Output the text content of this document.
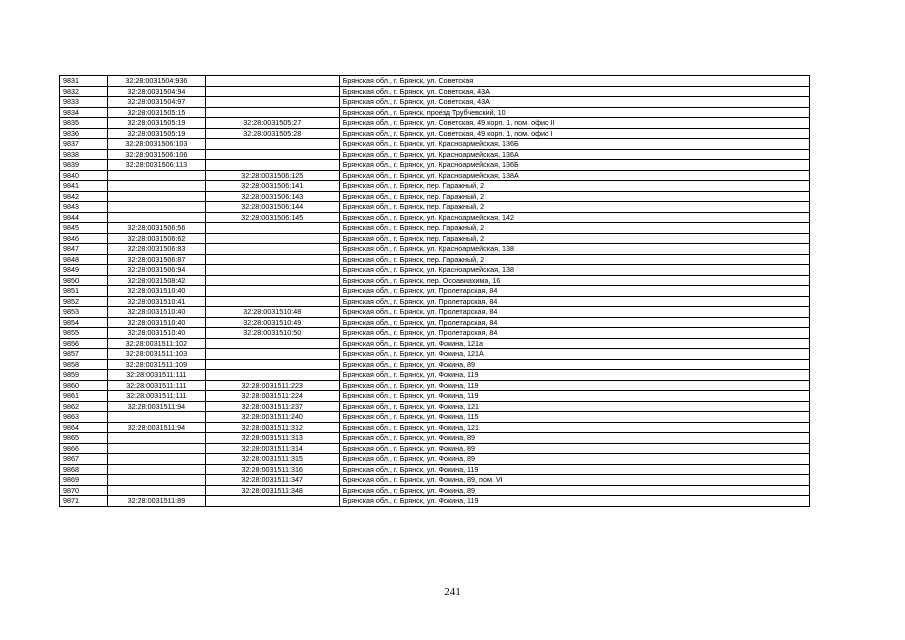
9831	32:28:0031504:936		Брянская обл., г. Брянск, ул. Советская
9832	32:28:0031504:94		Брянская обл., г. Брянск, ул. Советская, 43А
9833	32:28:0031504:97		Брянская обл., г. Брянск, ул. Советская, 43А
9834	32:28:0031505:15		Брянская обл., г. Брянск, проезд Трубчевский, 10
9835	32:28:0031505:19	32:28:0031505:27	Брянская обл., г. Брянск, ул. Советская, 49 корп. 1, пом. офис II
9836	32:28:0031505:19	32:28:0031505:28	Брянская обл., г. Брянск, ул. Советская, 49 корп. 1, пом. офис I
9837	32:28:0031506:103		Брянская обл., г. Брянск, ул. Красноармейская, 136Б
9838	32:28:0031506:106		Брянская обл., г. Брянск, ул. Красноармейская, 136А
9839	32:28:0031506:113		Брянская обл., г. Брянск, ул. Красноармейская, 136Б
9840		32:28:0031506:125	Брянская обл., г. Брянск, ул. Красноармейская, 138А
9841		32:28:0031506:141	Брянская обл., г. Брянск, пер. Гаражный, 2
9842		32:28:0031506:143	Брянская обл., г. Брянск, пер. Гаражный, 2
9843		32:28:0031506:144	Брянская обл., г. Брянск, пер. Гаражный, 2
9844		32:28:0031506:145	Брянская обл., г. Брянск, ул. Красноармейская, 142
9845	32:28:0031506:56		Брянская обл., г. Брянск, пер. Гаражный, 2
9846	32:28:0031506:62		Брянская обл., г. Брянск, пер. Гаражный, 2
9847	32:28:0031506:83		Брянская обл., г. Брянск, ул. Красноармейская, 138
9848	32:28:0031506:87		Брянская обл., г. Брянск, пер. Гаражный, 2
9849	32:28:0031506:94		Брянская обл., г. Брянск, ул. Красноармейская, 138
9850	32:28:0031508:42		Брянская обл., г. Брянск, пер. Осоавиахима, 16
9851	32:28:0031510:40		Брянская обл., г. Брянск, ул. Пролетарская, 84
9852	32:28:0031510:41		Брянская обл., г. Брянск, ул. Пролетарская, 84
9853	32:28:0031510:40	32:28:0031510:48	Брянская обл., г. Брянск, ул. Пролетарская, 84
9854	32:28:0031510:40	32:28:0031510:49	Брянская обл., г. Брянск, ул. Пролетарская, 84
9855	32:28:0031510:40	32:28:0031510:50	Брянская обл., г. Брянск, ул. Пролетарская, 84
9856	32:28:0031511:102		Брянская обл., г. Брянск, ул. Фокина, 121а
9857	32:28:0031511:103		Брянская обл., г. Брянск, ул. Фокина, 121А
9858	32:28:0031511:109		Брянская обл., г. Брянск, ул. Фокина, 89
9859	32:28:0031511:111		Брянская обл., г. Брянск, ул. Фокина, 119
9860	32:28:0031511:111	32:28:0031511:223	Брянская обл., г. Брянск, ул. Фокина, 119
9861	32:28:0031511:111	32:28:0031511:224	Брянская обл., г. Брянск, ул. Фокина, 119
9862	32:28:0031511:94	32:28:0031511:237	Брянская обл., г. Брянск, ул. Фокина, 121
9863		32:28:0031511:240	Брянская обл., г. Брянск, ул. Фокина, 115
9864	32:28:0031511:94	32:28:0031511:312	Брянская обл., г. Брянск, ул. Фокина, 121
9865		32:28:0031511:313	Брянская обл., г. Брянск, ул. Фокина, 89
9866		32:28:0031511:314	Брянская обл., г. Брянск, ул. Фокина, 89
9867		32:28:0031511:315	Брянская обл., г. Брянск, ул. Фокина, 89
9868		32:28:0031511:316	Брянская обл., г. Брянск, ул. Фокина, 119
9869		32:28:0031511:347	Брянская обл., г. Брянск, ул. Фокина, 89, пом. VI
9870		32:28:0031511:348	Брянская обл., г. Брянск, ул. Фокина, 89
9871	32:28:0031511:89		Брянская обл., г. Брянск, ул. Фокина, 119
241
